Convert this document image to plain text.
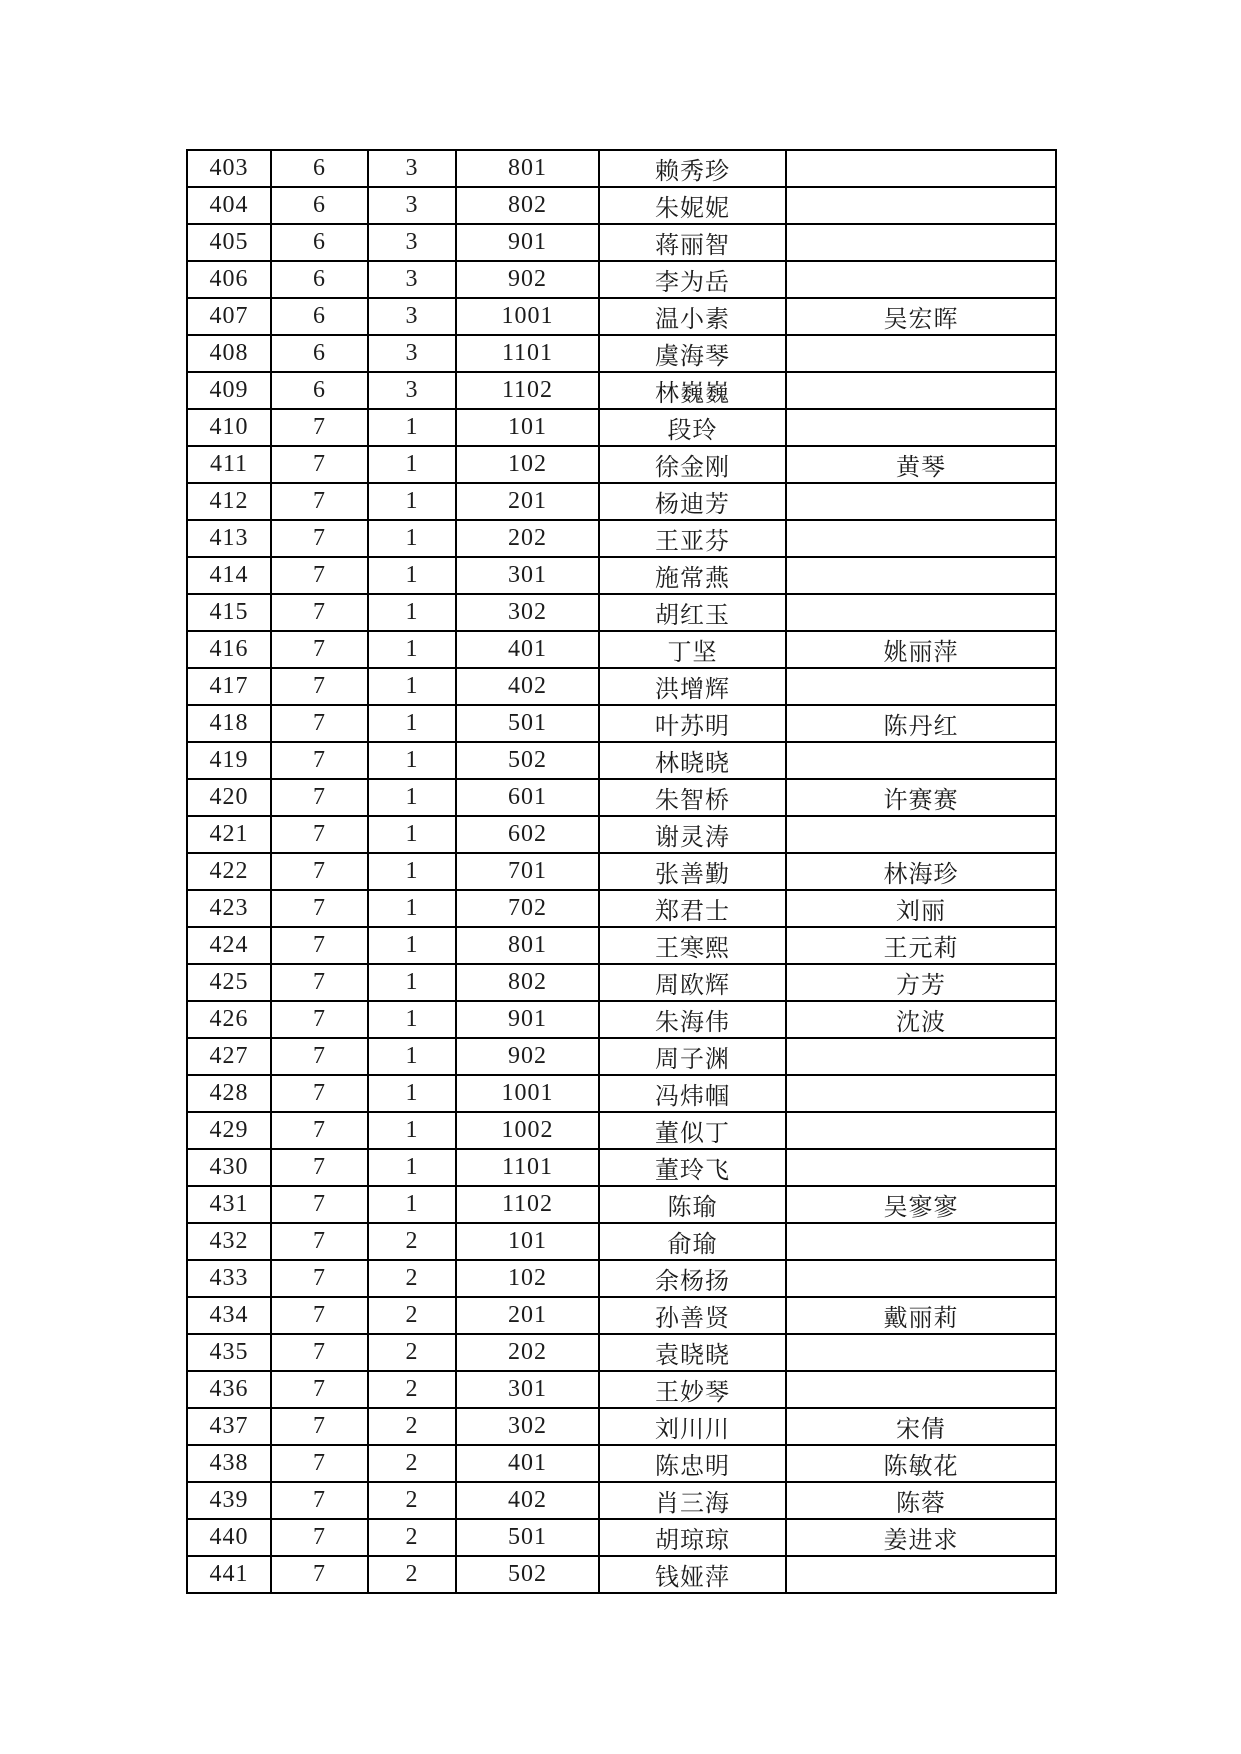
403	6	3	801	赖秀珍	
404	6	3	802	朱妮妮	
405	6	3	901	蒋丽智	
406	6	3	902	李为岳	
407	6	3	1001	温小素	吴宏晖
408	6	3	1101	虞海琴	
409	6	3	1102	林巍巍	
410	7	1	101	段玲	
411	7	1	102	徐金刚	黄琴
412	7	1	201	杨迪芳	
413	7	1	202	王亚芬	
414	7	1	301	施常燕	
415	7	1	302	胡红玉	
416	7	1	401	丁坚	姚丽萍
417	7	1	402	洪增辉	
418	7	1	501	叶苏明	陈丹红
419	7	1	502	林晓晓	
420	7	1	601	朱智桥	许赛赛
421	7	1	602	谢灵涛	
422	7	1	701	张善勤	林海珍
423	7	1	702	郑君士	刘丽
424	7	1	801	王寒熙	王元莉
425	7	1	802	周欧辉	方芳
426	7	1	901	朱海伟	沈波
427	7	1	902	周子渊	
428	7	1	1001	冯炜帼	
429	7	1	1002	董似丁	
430	7	1	1101	董玲飞	
431	7	1	1102	陈瑜	吴寥寥
432	7	2	101	俞瑜	
433	7	2	102	余杨扬	
434	7	2	201	孙善贤	戴丽莉
435	7	2	202	袁晓晓	
436	7	2	301	王妙琴	
437	7	2	302	刘川川	宋倩
438	7	2	401	陈忠明	陈敏花
439	7	2	402	肖三海	陈蓉
440	7	2	501	胡琼琼	姜进求
441	7	2	502	钱娅萍	
